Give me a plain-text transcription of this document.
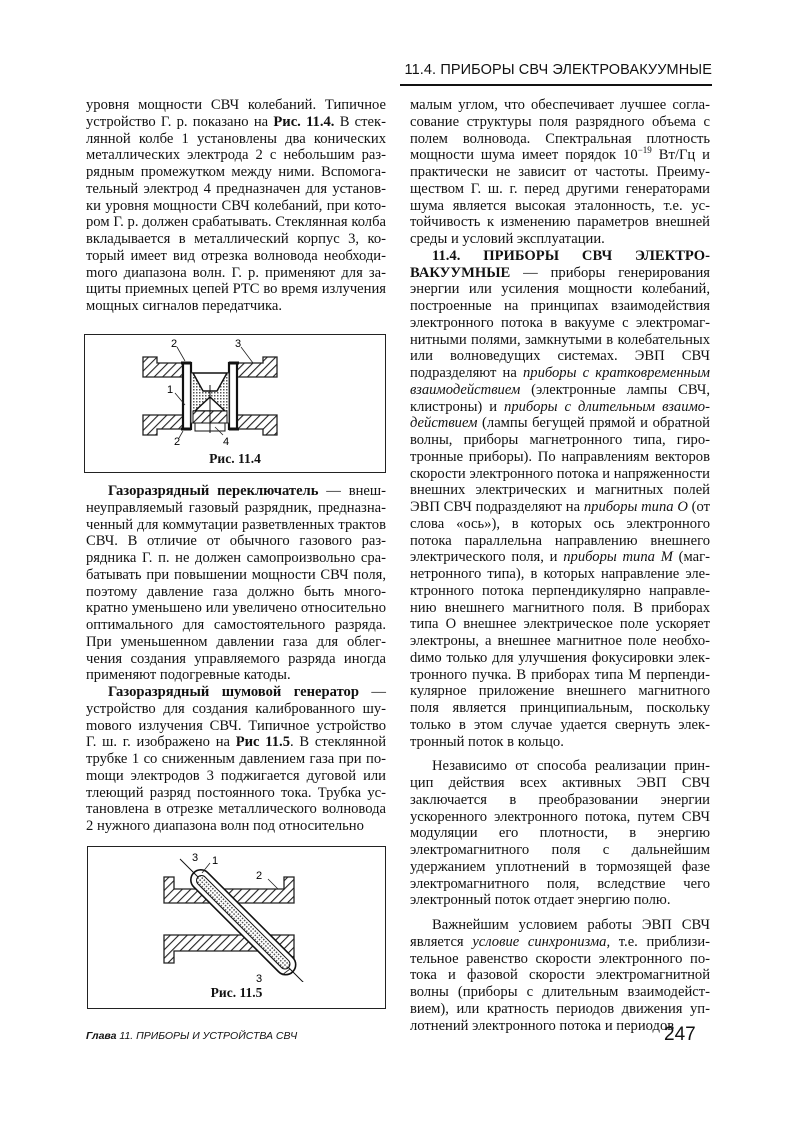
11.4. ПРИБОРЫ СВЧ ЭЛЕКТРОВАКУУМНЫЕ

уровня мощности СВЧ колебаний. Типичное устройство Г. р. показано на Рис. 11.4. В стеклянной колбе 1 установлены два конических металлических электрода 2 с небольшим разрядным промежутком между ними. Вспомогательный электрод 4 предназначен для установки уровня мощности СВЧ колебаний, при котором Г. р. должен срабатывать. Стеклянная колба вкладывается в металлический корпус 3, который имеет вид отрезка волновода необходиmого диапазона волн. Г. р. применяют для защиты приемных цепей РТС во время излучения мощных сигналов передатчика.

2	3
1
2	4
Рис. 11.4

Газоразрядный переключатель — внешнеуправляемый газовый разрядник, предназначенный для коммутации разветвленных трактов СВЧ. В отличие от обычного газового разрядника Г. п. не должен самопроизвольно срабатывать при повышении мощности СВЧ поля, поэтому давление газа должно быть многократно уменьшено или увеличено относительно оптимального для самостоятельного разряда. При уменьшенном давлении газа для облегчения создания управляемого разряда иногда применяют подогревные катоды.

Газоразрядный шумовой генератор — устройство для создания калиброванного шуmового излучения СВЧ. Типичное устройство Г. ш. г. изображено на Рис 11.5. В стеклянной трубке 1 со сниженным давлением газа при поmощи электродов 3 поджигается дуговой или тлеющий разряд постоянного тока. Трубка установлена в отрезке металлического волновода 2 нужного диапазона волн под относительно

3 1
2
3
Рис. 11.5

малым углом, что обеспечивает лучшее согласование структуры поля разрядного объема с полем волновода. Спектральная плотность мощности шума имеет порядок $10^{-19}$ Вт/Гц и практически не зависит от частоты. Преимуществом Г. ш. г. перед другими генераторами шума является высокая эталонность, т.е. устойчивость к изменению параметров внешней среды и условий эксплуатации.

11.4. ПРИБОРЫ СВЧ ЭЛЕКТРОВАКУУМНЫЕ — приборы генерирования энергии или усиления мощности колебаний, построенные на принципах взаимодействия электронного потока в вакууме с электромагнитными полями, замкнутыми в колебательных или волноведущих системах. ЭВП СВЧ подразделяют на приборы с кратковременным взаимодействием (электронные лампы СВЧ, клистроны) и приборы с длительным взаимодействием (лампы бегущей прямой и обратной волны, приборы магнетронного типа, гиротронные приборы). По направлениям векторов скорости электронного потока и напряженности внешних электрических и магнитных полей ЭВП СВЧ подразделяют на приборы типа О (от слова «ось»), в которых ось электронного потока параллельна направлению внешнего электрического поля, и приборы типа М (магнетронного типа), в которых направление электронного потока перпендикулярно направлению внешнего магнитного поля. В приборах типа О внешнее электрическое поле ускоряет электроны, а внешнее магнитное поле необхоdимо только для улучшения фокусировки электронного пучка. В приборах типа М перпендикулярное приложение внешнего магнитного поля является принципиальным, поскольку только в этом случае удается свернуть электронный поток в кольцо.

Независимо от способа реализации принцип действия всех активных ЭВП СВЧ заключается в преобразовании энергии ускоренного электронного потока, путем СВЧ модуляции его плотности, в энергию электромагнитного поля с дальнейшим удержанием уплотнений в тормозящей фазе электромагнитного поля, вследствие чего электронный поток отдает энергию полю.

Важнейшим условием работы ЭВП СВЧ является условие синхронизма, т.е. приблизительное равенство скорости электронного потока и фазовой скорости электромагнитной волны (приборы с длительным взаимодействием), или кратность периодов движения уплотнений электронного потока и периодов

Глава 11. ПРИБОРЫ И УСТРОЙСТВА СВЧ	247
